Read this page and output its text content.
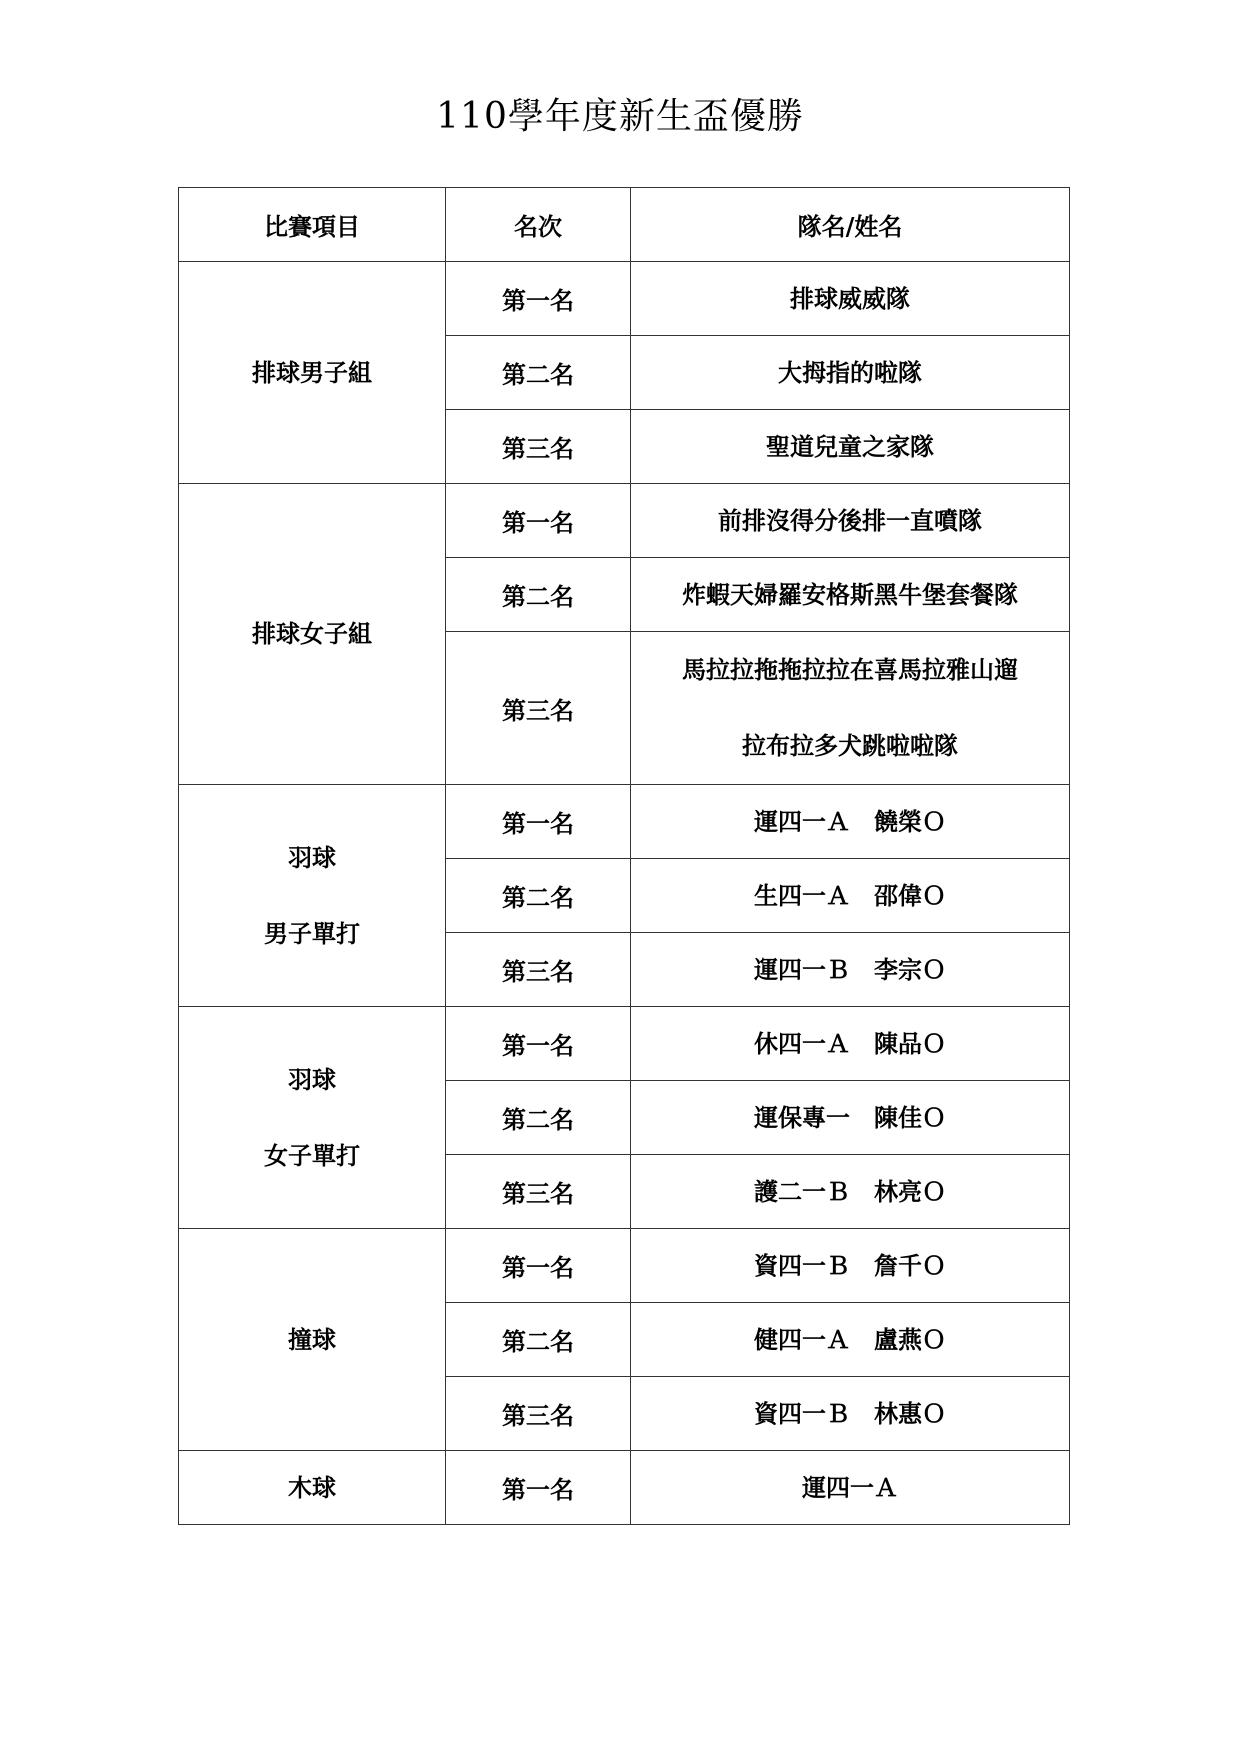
110學年度新生盃優勝
比賽項目	名次	隊名/姓名

排球男子組	第一名	排球威威隊

	第二名	大拇指的啦隊

	第三名	聖道兒童之家隊

排球女子組	第一名	前排沒得分後排一直噴隊

	第二名	炸蝦天婦羅安格斯黑牛堡套餐隊

	第三名	馬拉拉拖拖拉拉在喜馬拉雅山遛
拉布拉多犬跳啦啦隊

羽球
男子單打	第一名	運四一Ａ　饒榮Ｏ

	第二名	生四一Ａ　邵偉Ｏ

	第三名	運四一Ｂ　李宗Ｏ

羽球
女子單打	第一名	休四一Ａ　陳品Ｏ

	第二名	運保專一　陳佳Ｏ

	第三名	護二一Ｂ　林亮Ｏ

撞球	第一名	資四一Ｂ　詹千Ｏ

	第二名	健四一Ａ　盧燕Ｏ

	第三名	資四一Ｂ　林惠Ｏ

木球	第一名	運四一Ａ
